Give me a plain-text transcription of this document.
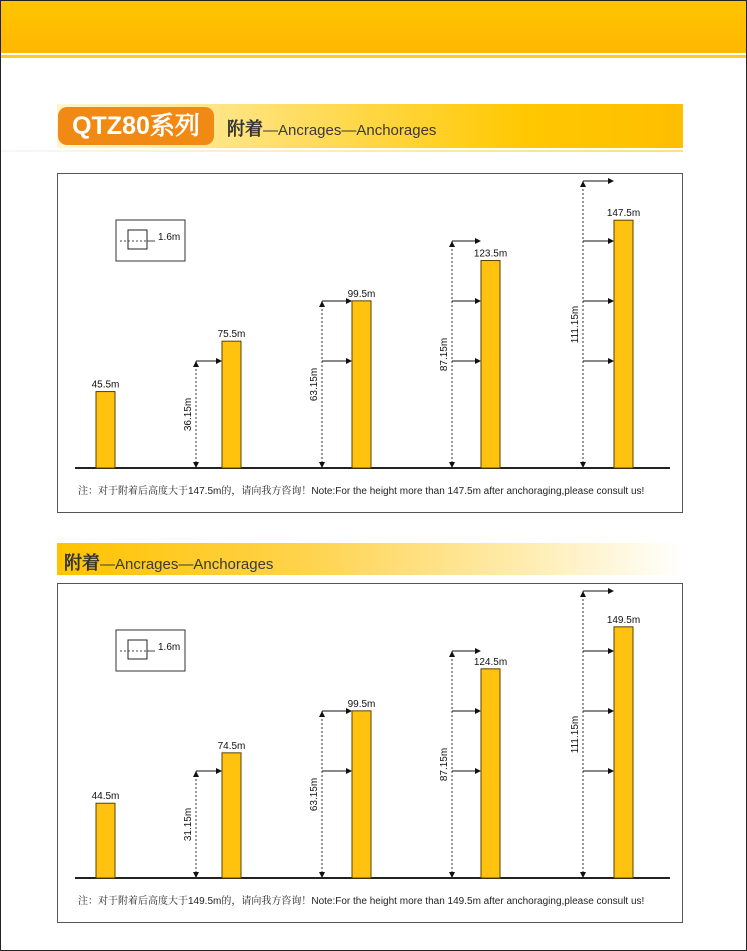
QTZ80系列	附着—Ancrages—Anchorages
1.6m
45.5m
75.5m
36.15m
99.5m
63.15m
123.5m
87.15m
147.5m
111.15m
注：对于附着后高度大于147.5m的，请向我方咨询！Note:For the height more than 147.5m after anchoraging,please consult us!
附着—Ancrages—Anchorages
1.6m
44.5m
74.5m
31.15m
99.5m
63.15m
124.5m
87.15m
149.5m
111.15m
注：对于附着后高度大于149.5m的，请向我方咨询！Note:For the height more than 149.5m after anchoraging,please consult us!
